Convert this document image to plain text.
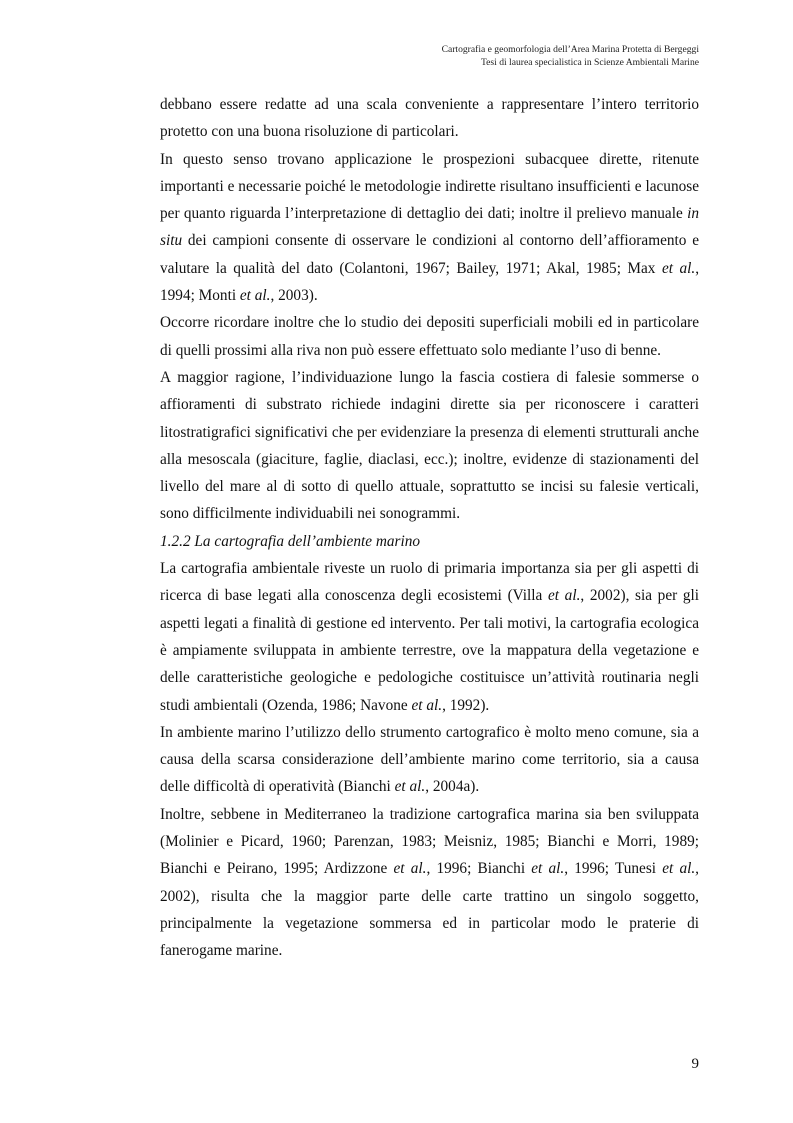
Cartografia e geomorfologia dell’Area Marina Protetta di Bergeggi
Tesi di laurea specialistica in Scienze Ambientali Marine

debbano essere redatte ad una scala conveniente a rappresentare l’intero territorio protetto con una buona risoluzione di particolari.

In questo senso trovano applicazione le prospezioni subacquee dirette, ritenute importanti e necessarie poiché le metodologie indirette risultano insufficienti e lacunose per quanto riguarda l’interpretazione di dettaglio dei dati; inoltre il prelievo manuale in situ dei campioni consente di osservare le condizioni al contorno dell’affioramento e valutare la qualità del dato (Colantoni, 1967; Bailey, 1971; Akal, 1985; Max et al., 1994; Monti et al., 2003).

Occorre ricordare inoltre che lo studio dei depositi superficiali mobili ed in particolare di quelli prossimi alla riva non può essere effettuato solo mediante l’uso di benne.

A maggior ragione, l’individuazione lungo la fascia costiera di falesie sommerse o affioramenti di substrato richiede indagini dirette sia per riconoscere i caratteri litostratigrafici significativi che per evidenziare la presenza di elementi strutturali anche alla mesoscala (giaciture, faglie, diaclasi, ecc.); inoltre, evidenze di stazionamenti del livello del mare al di sotto di quello attuale, soprattutto se incisi su falesie verticali, sono difficilmente individuabili nei sonogrammi.

1.2.2 La cartografia dell’ambiente marino

La cartografia ambientale riveste un ruolo di primaria importanza sia per gli aspetti di ricerca di base legati alla conoscenza degli ecosistemi (Villa et al., 2002), sia per gli aspetti legati a finalità di gestione ed intervento. Per tali motivi, la cartografia ecologica è ampiamente sviluppata in ambiente terrestre, ove la mappatura della vegetazione e delle caratteristiche geologiche e pedologiche costituisce un’attività routinaria negli studi ambientali (Ozenda, 1986; Navone et al., 1992).

In ambiente marino l’utilizzo dello strumento cartografico è molto meno comune, sia a causa della scarsa considerazione dell’ambiente marino come territorio, sia a causa delle difficoltà di operatività (Bianchi et al., 2004a).

Inoltre, sebbene in Mediterraneo la tradizione cartografica marina sia ben sviluppata (Molinier e Picard, 1960; Parenzan, 1983; Meisniz, 1985; Bianchi e Morri, 1989; Bianchi e Peirano, 1995; Ardizzone et al., 1996; Bianchi et al., 1996; Tunesi et al., 2002), risulta che la maggior parte delle carte trattino un singolo soggetto, principalmente la vegetazione sommersa ed in particolar modo le praterie di fanerogame marine.

9
